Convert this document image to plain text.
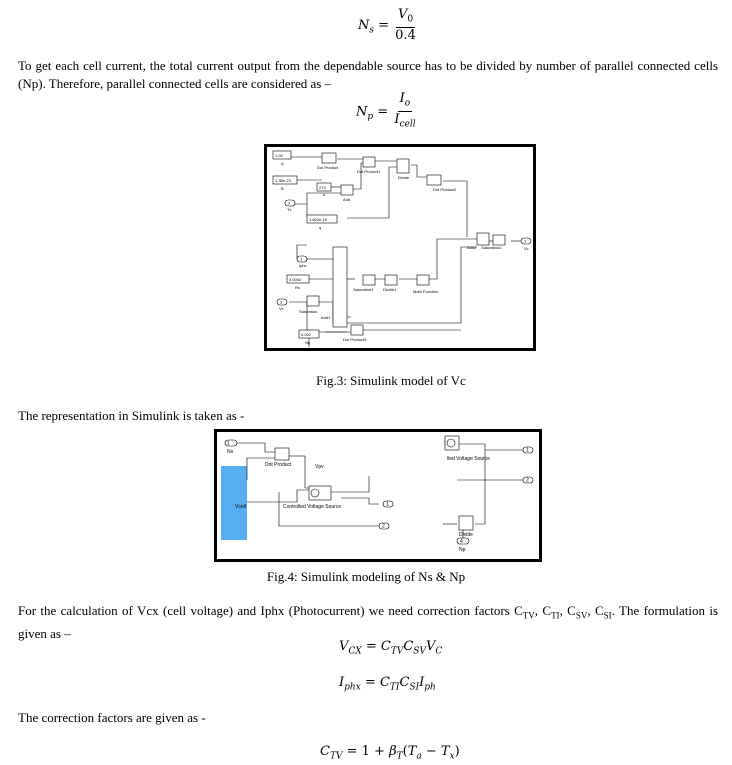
$N_s = \frac{V_0}{0.4}$
To get each cell current, the total current output from the dependable source has to be divided by number of parallel connected cells (Np). Therefore, parallel connected cells are considered as –
$N_p = \frac{I_o}{I_{cell}}$
1.92
1.38e-23
273
1.602e-19
0.0002
0.002
A
B
k
q
Rs
Np
Tx
Iphx
Vx
2
1
3
Vc
1
Dot Product
Dot Product1
Divide
Dot Product2
Add
Add2 Saturation2
Saturation1 Divide1	Math Function
Saturation
Add1
Dot Product3
Fig.3: Simulink model of Vc
The representation in Simulink is taken as -
Ns
1
Np
4
Dot Product	Vpv
Controlled Voltage Source
lled Voltage Source
Divide
Vcell	1
2
1
2
Fig.4: Simulink modeling of Ns & Np
For the calculation of Vcx (cell voltage) and Iphx (Photocurrent) we need correction factors $C_{TV}$, $C_{TI}$, $C_{SV}$, $C_{SI}$. The formulation is given as –
$V_{CX} = C_{TV}C_{SV}V_C$
$I_{phx} = C_{TI}C_{SI}I_{ph}$
The correction factors are given as -
$C_{TV} = 1 + \beta_T(T_a - T_x)$
